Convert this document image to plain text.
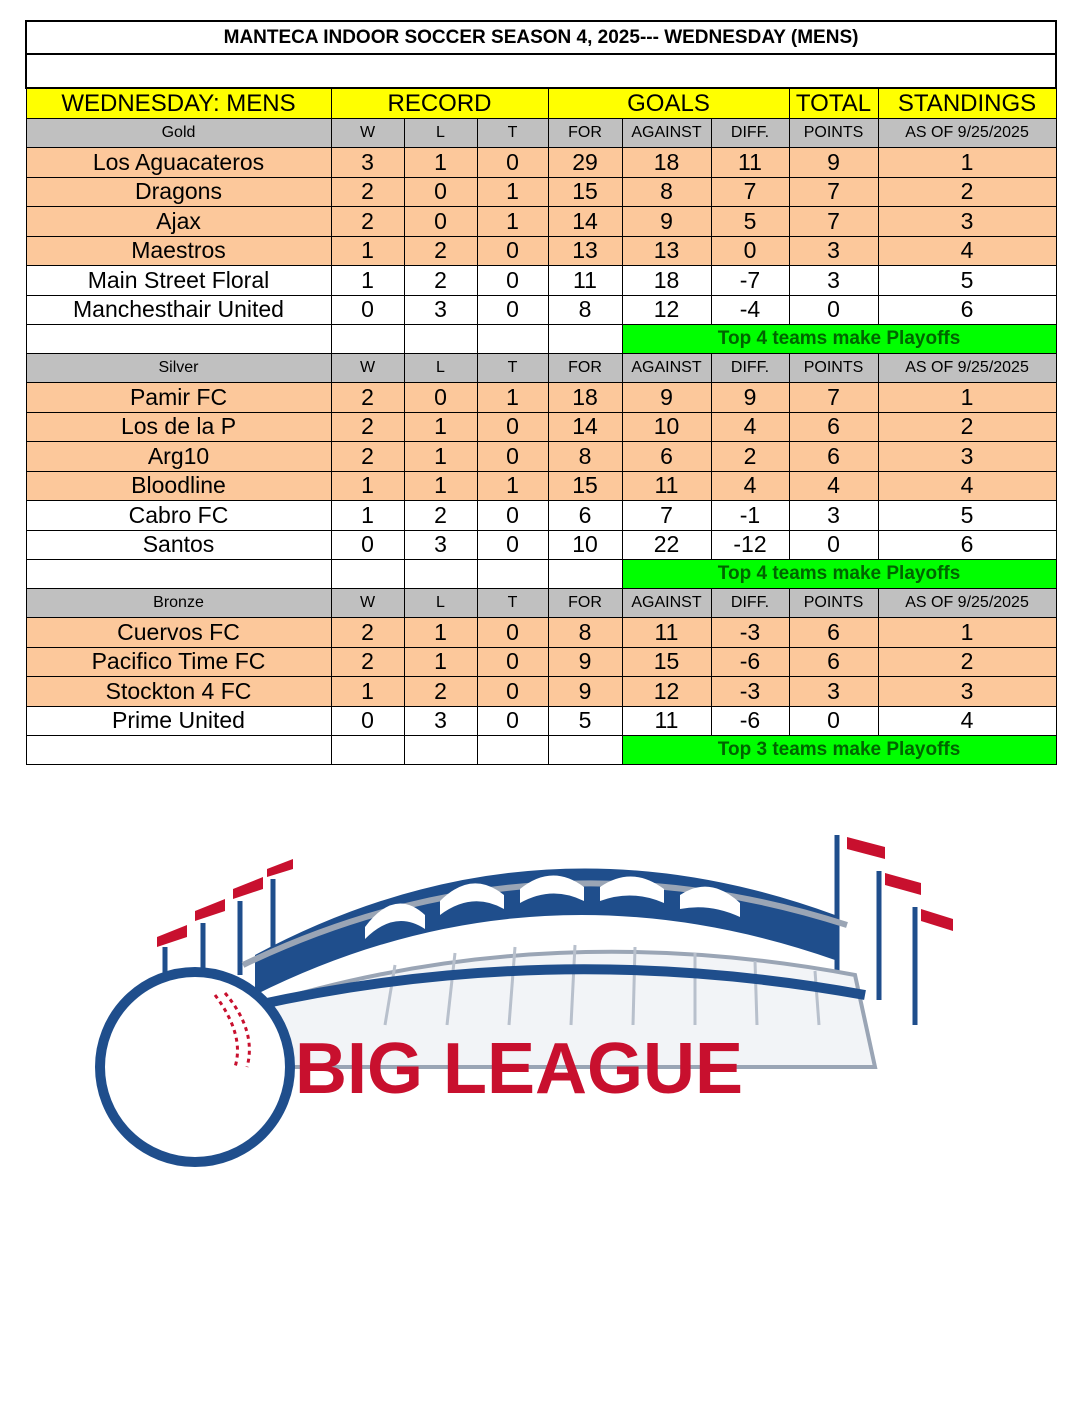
MANTECA INDOOR SOCCER SEASON 4, 2025--- WEDNESDAY (MENS)								

WEDNESDAY: MENS	RECORD			GOALS			TOTAL	STANDINGS
Gold	W	L	T	FOR	AGAINST	DIFF.	POINTS	AS OF 9/25/2025
Los Aguacateros	3	1	0	29	18	11	9	1
Dragons	2	0	1	15	8	7	7	2
Ajax	2	0	1	14	9	5	7	3
Maestros	1	2	0	13	13	0	3	4
Main Street Floral	1	2	0	11	18	-7	3	5
Manchesthair United	0	3	0	8	12	-4	0	6
					Top 4 teams make Playoffs			
Silver	W	L	T	FOR	AGAINST	DIFF.	POINTS	AS OF 9/25/2025
Pamir FC	2	0	1	18	9	9	7	1
Los de la P	2	1	0	14	10	4	6	2
Arg10	2	1	0	8	6	2	6	3
Bloodline	1	1	1	15	11	4	4	4
Cabro FC	1	2	0	6	7	-1	3	5
Santos	0	3	0	10	22	-12	0	6
					Top 4 teams make Playoffs			
Bronze	W	L	T	FOR	AGAINST	DIFF.	POINTS	AS OF 9/25/2025
Cuervos FC	2	1	0	8	11	-3	6	1
Pacifico Time FC	2	1	0	9	15	-6	6	2
Stockton 4 FC	1	2	0	9	12	-3	3	3
Prime United	0	3	0	5	11	-6	0	4
					Top 3 teams make Playoffs			
BIG LEAGUE
